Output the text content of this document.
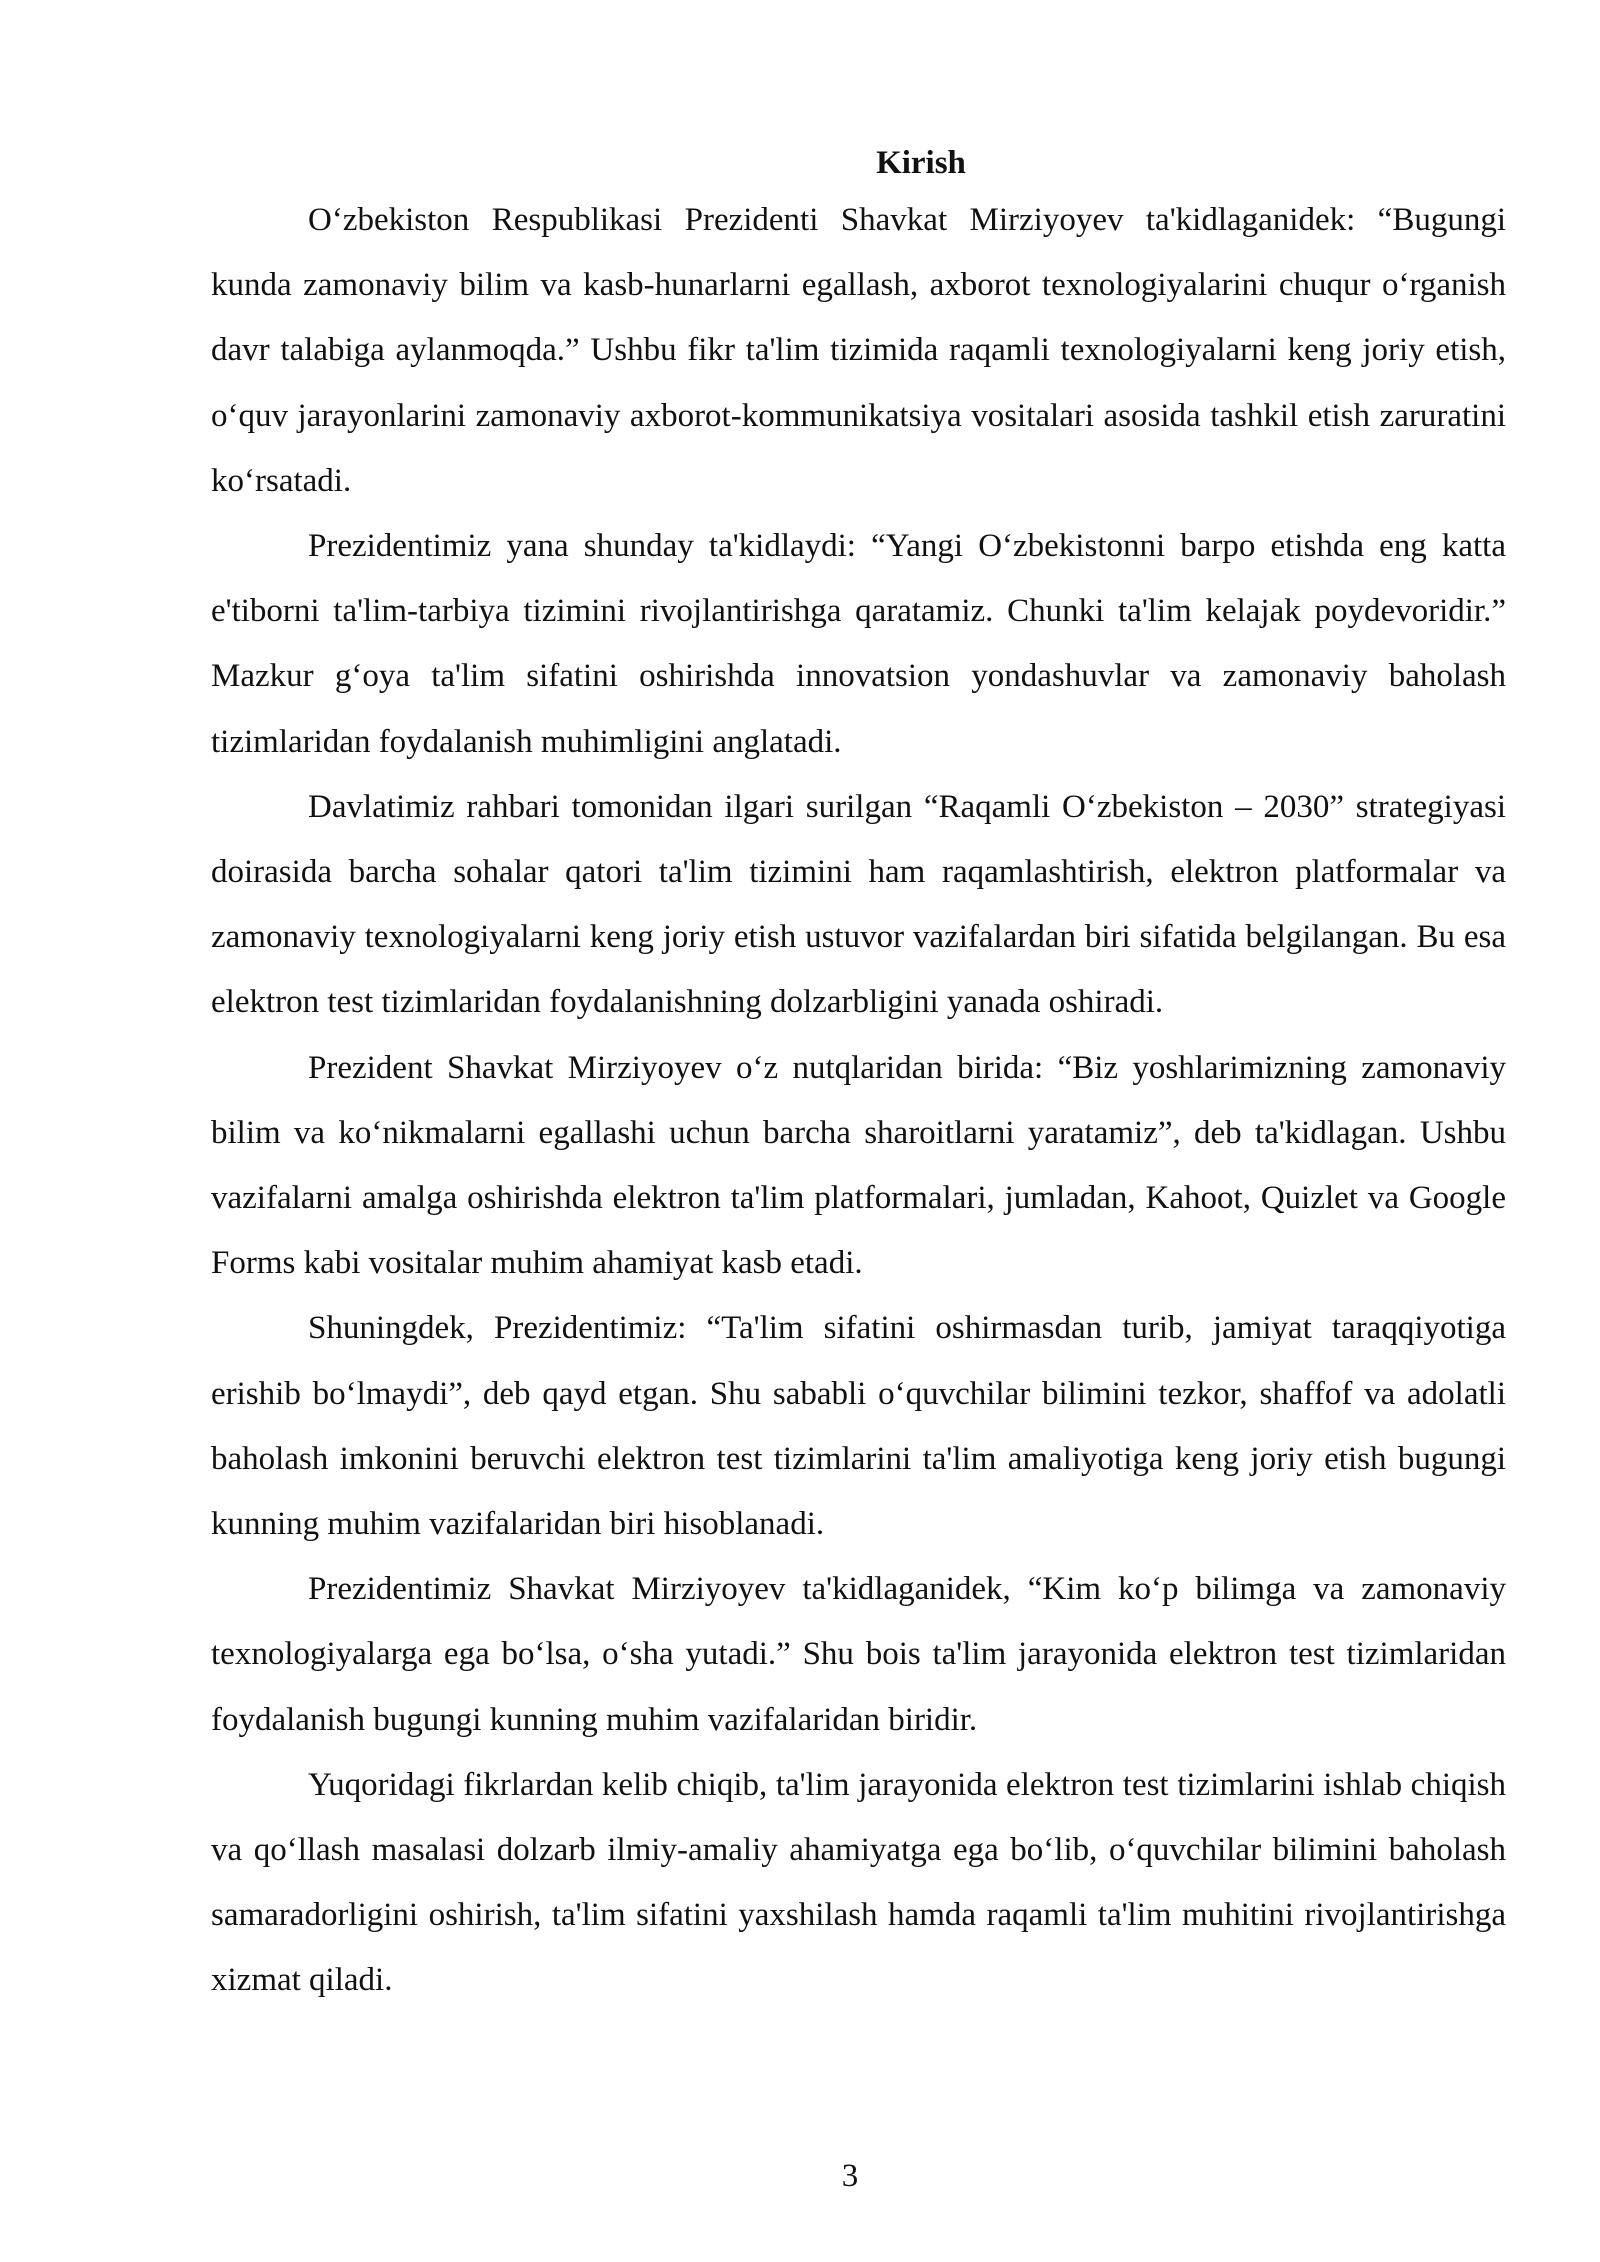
Kirish

O‘zbekiston Respublikasi Prezidenti Shavkat Mirziyoyev ta'kidlaganidek: “Bugungi kunda zamonaviy bilim va kasb-hunarlarni egallash, axborot texnologiyalarini chuqur o‘rganish davr talabiga aylanmoqda.” Ushbu fikr ta'lim tizimida raqamli texnologiyalarni keng joriy etish, o‘quv jarayonlarini zamonaviy axborot-kommunikatsiya vositalari asosida tashkil etish zaruratini ko‘rsatadi.

Prezidentimiz yana shunday ta'kidlaydi: “Yangi O‘zbekistonni barpo etishda eng katta e'tiborni ta'lim-tarbiya tizimini rivojlantirishga qaratamiz. Chunki ta'lim kelajak poydevoridir.” Mazkur g‘oya ta'lim sifatini oshirishda innovatsion yondashuvlar va zamonaviy baholash tizimlaridan foydalanish muhimligini anglatadi.

Davlatimiz rahbari tomonidan ilgari surilgan “Raqamli O‘zbekiston – 2030” strategiyasi doirasida barcha sohalar qatori ta'lim tizimini ham raqamlashtirish, elektron platformalar va zamonaviy texnologiyalarni keng joriy etish ustuvor vazifalardan biri sifatida belgilangan. Bu esa elektron test tizimlaridan foydalanishning dolzarbligini yanada oshiradi.

Prezident Shavkat Mirziyoyev o‘z nutqlaridan birida: “Biz yoshlarimizning zamonaviy bilim va ko‘nikmalarni egallashi uchun barcha sharoitlarni yaratamiz”, deb ta'kidlagan. Ushbu vazifalarni amalga oshirishda elektron ta'lim platformalari, jumladan, Kahoot, Quizlet va Google Forms kabi vositalar muhim ahamiyat kasb etadi.

Shuningdek, Prezidentimiz: “Ta'lim sifatini oshirmasdan turib, jamiyat taraqqiyotiga erishib bo‘lmaydi”, deb qayd etgan. Shu sababli o‘quvchilar bilimini tezkor, shaffof va adolatli baholash imkonini beruvchi elektron test tizimlarini ta'lim amaliyotiga keng joriy etish bugungi kunning muhim vazifalaridan biri hisoblanadi.

Prezidentimiz Shavkat Mirziyoyev ta'kidlaganidek, “Kim ko‘p bilimga va zamonaviy texnologiyalarga ega bo‘lsa, o‘sha yutadi.” Shu bois ta'lim jarayonida elektron test tizimlaridan foydalanish bugungi kunning muhim vazifalaridan biridir.

Yuqoridagi fikrlardan kelib chiqib, ta'lim jarayonida elektron test tizimlarini ishlab chiqish va qo‘llash masalasi dolzarb ilmiy-amaliy ahamiyatga ega bo‘lib, o‘quvchilar bilimini baholash samaradorligini oshirish, ta'lim sifatini yaxshilash hamda raqamli ta'lim muhitini rivojlantirishga xizmat qiladi.

3
